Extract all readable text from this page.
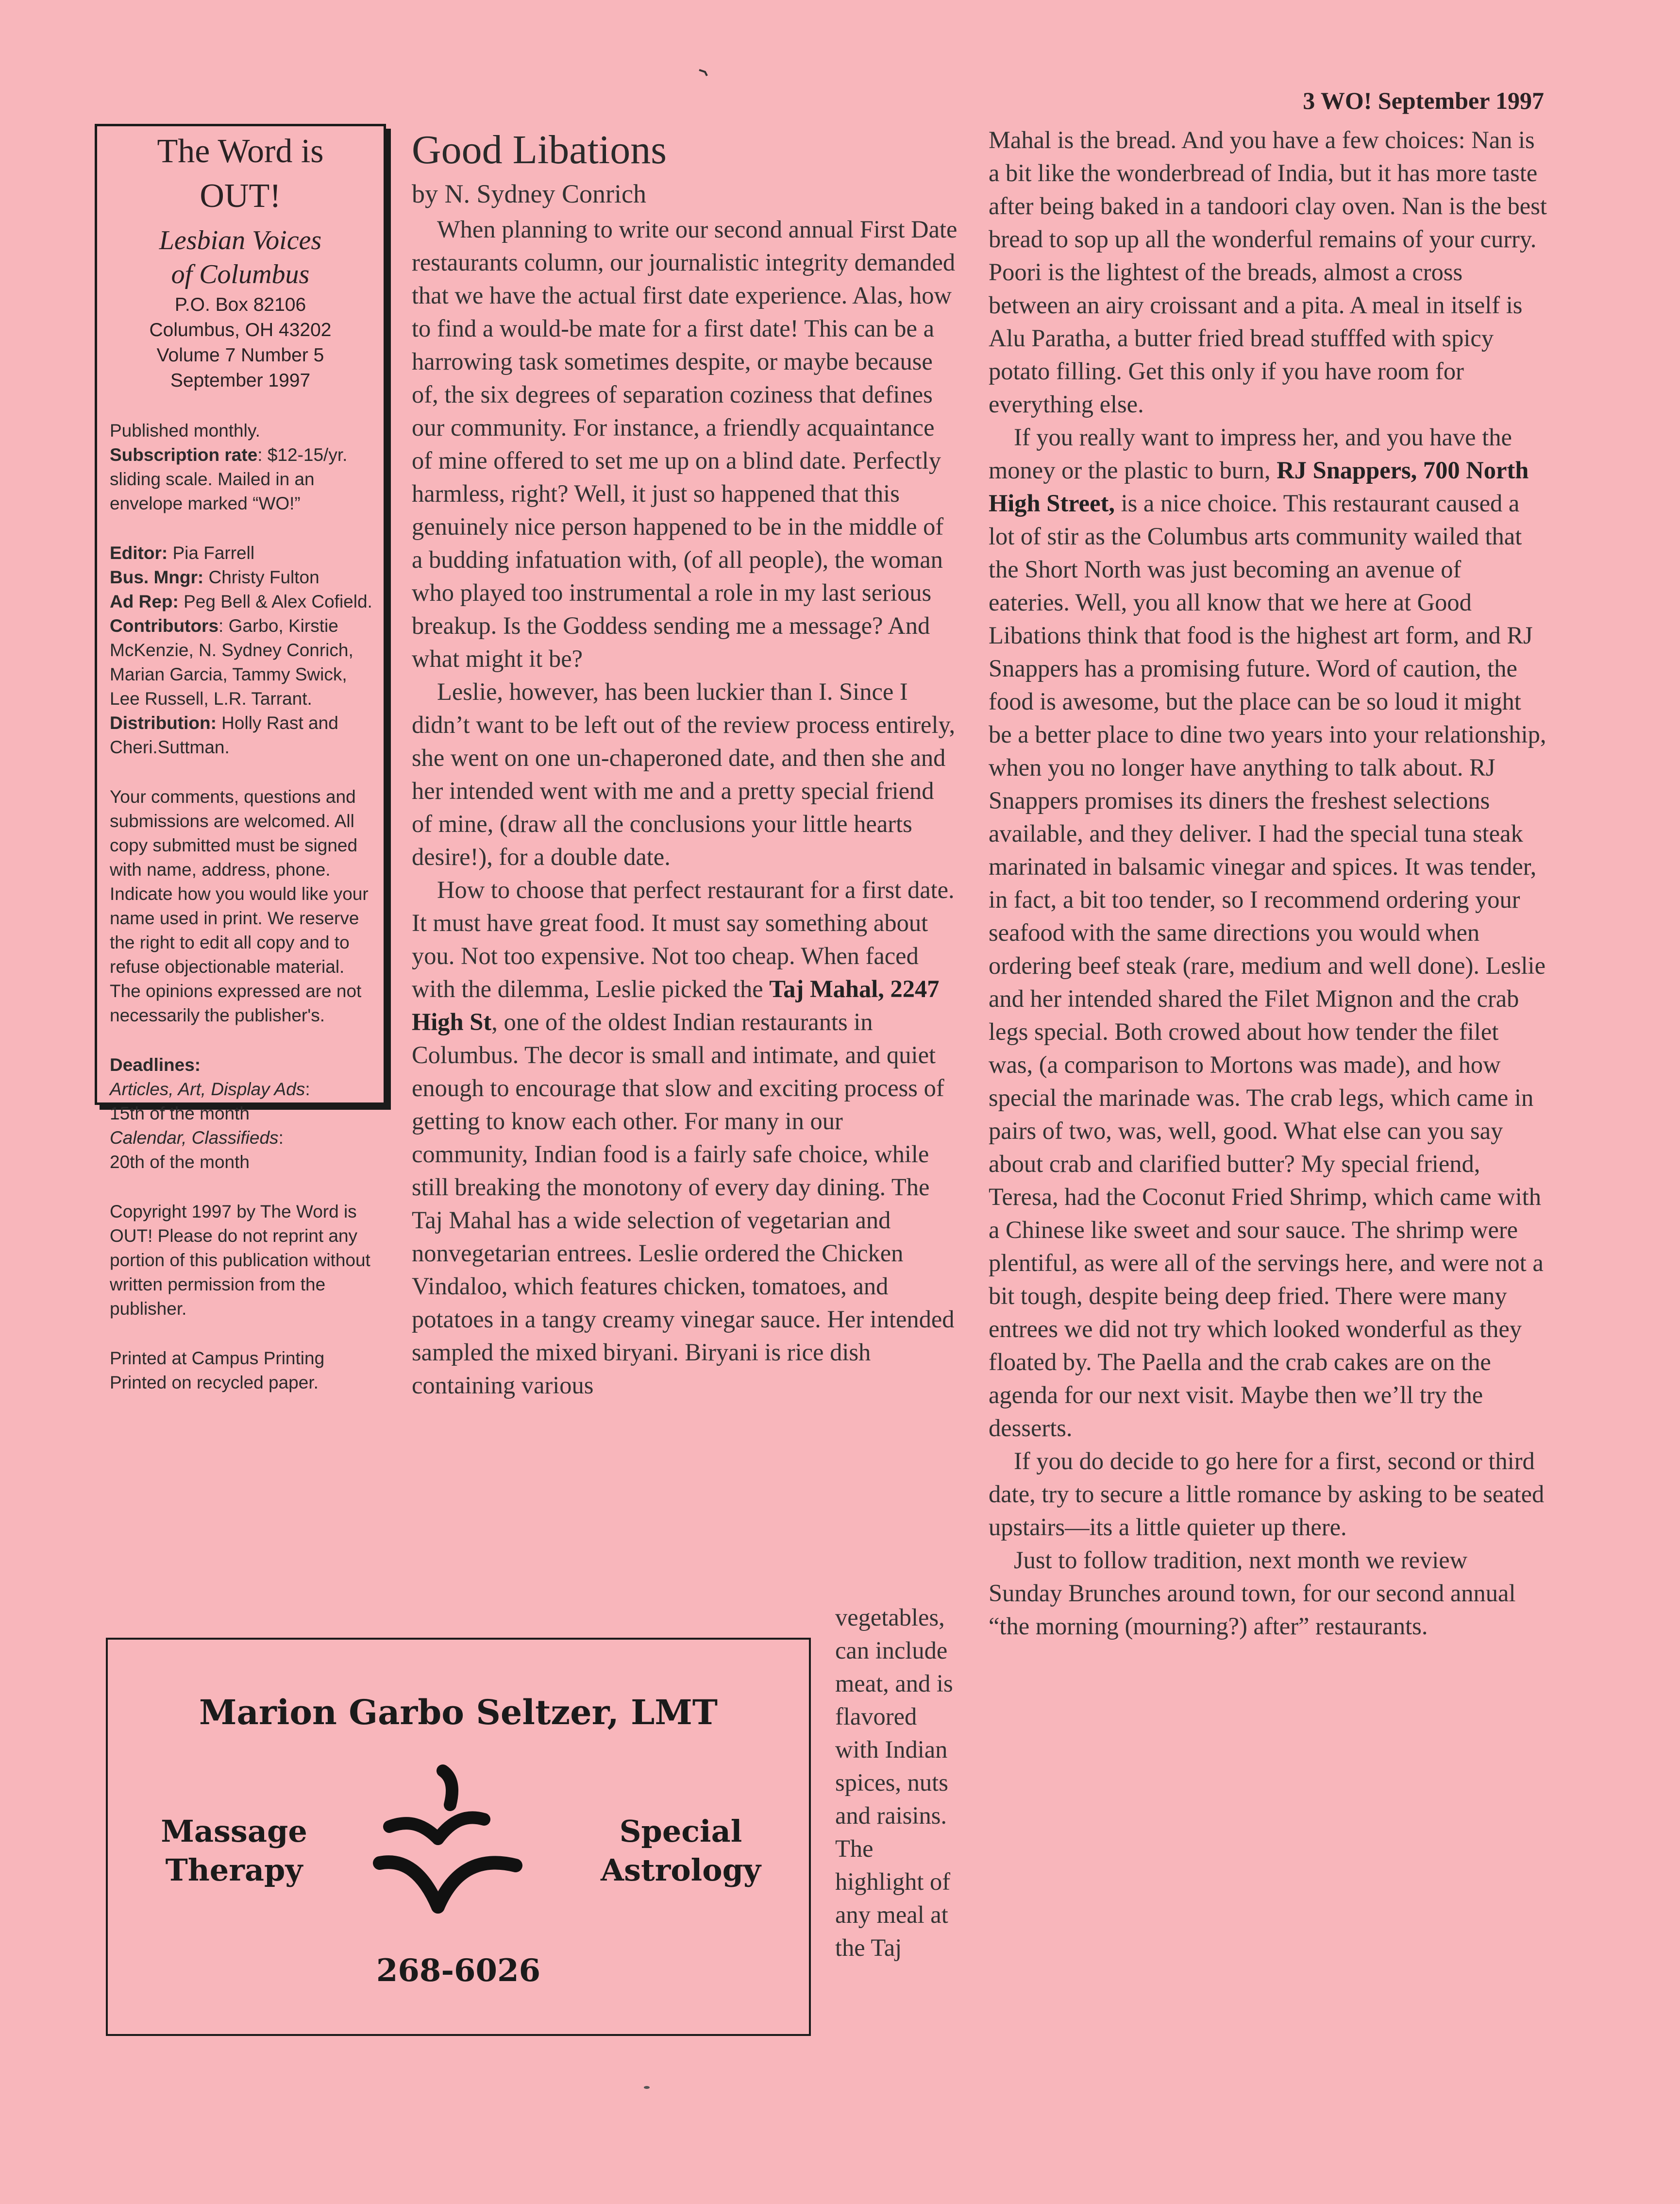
3 WO! September 1997
The Word is
OUT!
Lesbian Voices
of Columbus
P.O. Box 82106
Columbus, OH 43202
Volume 7 Number 5
September 1997

Published monthly.

Subscription rate: $12-15/yr. sliding scale. Mailed in an envelope marked “WO!”

Editor: Pia Farrell

Bus. Mngr: Christy Fulton

Ad Rep: Peg Bell & Alex Cofield.

Contributors: Garbo, Kirstie McKenzie, N. Sydney Conrich, Marian Garcia, Tammy Swick, Lee Russell, L.R. Tarrant.

Distribution: Holly Rast and Cheri.Suttman.

Your comments, questions and submissions are welcomed. All copy submitted must be signed with name, address, phone. Indicate how you would like your name used in print. We reserve the right to edit all copy and to refuse objectionable material. The opinions expressed are not necessarily the publisher's.

Deadlines:

Articles, Art, Display Ads:

15th of the month

Calendar, Classifieds:

20th of the month

Copyright 1997 by The Word is OUT! Please do not reprint any portion of this publication without written permission from the publisher.

Printed at Campus Printing

Printed on recycled paper.

Marion Garbo Seltzer, LMT
Massage
Therapy
Special
Astrology
268-6026
Good Libations
by N. Sydney Conrich

When planning to write our second annual First Date restaurants column, our journalistic integrity demanded that we have the actual first date experience. Alas, how to find a would-be mate for a first date! This can be a harrowing task sometimes despite, or maybe because of, the six degrees of separation coziness that defines our community. For instance, a friendly acquaintance of mine offered to set me up on a blind date. Perfectly harmless, right? Well, it just so happened that this genuinely nice person happened to be in the middle of a budding infatuation with, (of all people), the woman who played too instrumental a role in my last serious breakup. Is the Goddess sending me a message? And what might it be?

Leslie, however, has been luckier than I. Since I didn’t want to be left out of the review process entirely, she went on one un-chaperoned date, and then she and her intended went with me and a pretty special friend of mine, (draw all the conclusions your little hearts desire!), for a double date.

How to choose that perfect restaurant for a first date. It must have great food. It must say something about you. Not too expensive. Not too cheap. When faced with the dilemma, Leslie picked the Taj Mahal, 2247 High St, one of the oldest Indian restaurants in Columbus. The decor is small and intimate, and quiet enough to encourage that slow and exciting process of getting to know each other. For many in our community, Indian food is a fairly safe choice, while still breaking the monotony of every day dining. The Taj Mahal has a wide selection of vegetarian and nonvegetarian entrees. Leslie ordered the Chicken Vindaloo, which features chicken, tomatoes, and potatoes in a tangy creamy vinegar sauce. Her intended sampled the mixed biryani. Biryani is rice dish containing various

vegetables, can include meat, and is flavored with Indian spices, nuts and raisins. The highlight of any meal at the Taj

Mahal is the bread. And you have a few choices: Nan is a bit like the wonderbread of India, but it has more taste after being baked in a tandoori clay oven. Nan is the best bread to sop up all the wonderful remains of your curry. Poori is the lightest of the breads, almost a cross between an airy croissant and a pita. A meal in itself is Alu Paratha, a butter fried bread stufffed with spicy potato filling. Get this only if you have room for everything else.

If you really want to impress her, and you have the money or the plastic to burn, RJ Snappers, 700 North High Street, is a nice choice. This restaurant caused a lot of stir as the Columbus arts community wailed that the Short North was just becoming an avenue of eateries. Well, you all know that we here at Good Libations think that food is the highest art form, and RJ Snappers has a promising future. Word of caution, the food is awesome, but the place can be so loud it might be a better place to dine two years into your relationship, when you no longer have anything to talk about. RJ Snappers promises its diners the freshest selections available, and they deliver. I had the special tuna steak marinated in balsamic vinegar and spices. It was tender, in fact, a bit too tender, so I recommend ordering your seafood with the same directions you would when ordering beef steak (rare, medium and well done). Leslie and her intended shared the Filet Mignon and the crab legs special. Both crowed about how tender the filet was, (a comparison to Mortons was made), and how special the marinade was. The crab legs, which came in pairs of two, was, well, good. What else can you say about crab and clarified butter? My special friend, Teresa, had the Coconut Fried Shrimp, which came with a Chinese like sweet and sour sauce. The shrimp were plentiful, as were all of the servings here, and were not a bit tough, despite being deep fried. There were many entrees we did not try which looked wonderful as they floated by. The Paella and the crab cakes are on the agenda for our next visit. Maybe then we’ll try the desserts.

If you do decide to go here for a first, second or third date, try to secure a little romance by asking to be seated upstairs—its a little quieter up there.

Just to follow tradition, next month we review Sunday Brunches around town, for our second annual “the morning (mourning?) after” restaurants.
